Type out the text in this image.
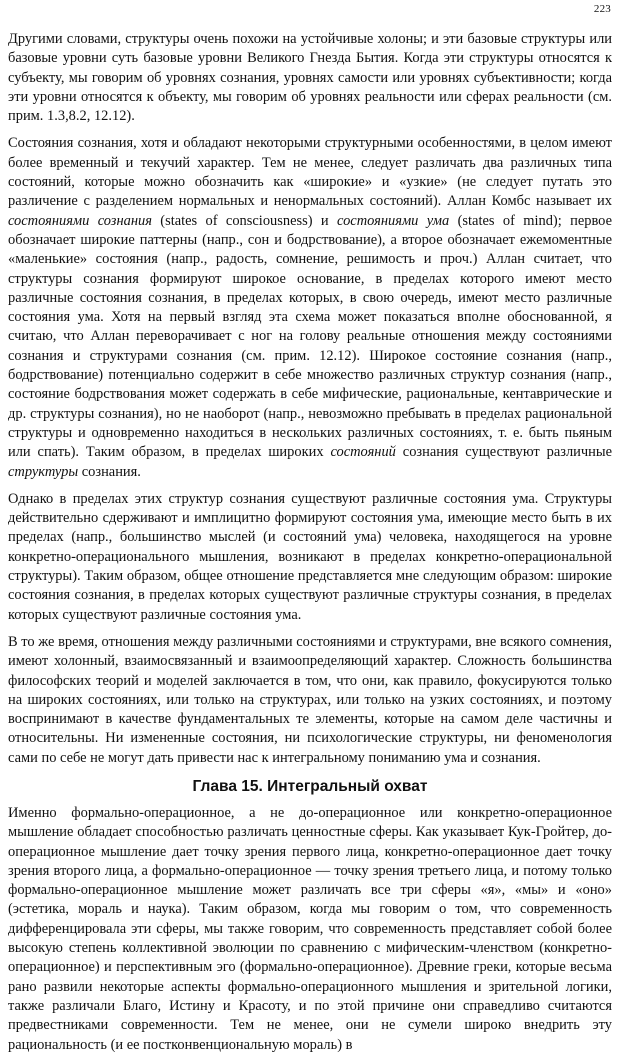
223

Другими словами, структуры очень похожи на устойчивые холоны; и эти базовые структуры или базовые уровни суть базовые уровни Великого Гнезда Бытия. Когда эти структуры относятся к субъекту, мы говорим об уровнях сознания, уровнях самости или уровнях субъективности; когда эти уровни относятся к объекту, мы говорим об уровнях реальности или сферах реальности (см. прим. 1.3,8.2, 12.12).

Состояния сознания, хотя и обладают некоторыми структурными особенностями, в целом имеют более временный и текучий характер. Тем не менее, следует различать два различных типа состояний, которые можно обозначить как «широкие» и «узкие» (не следует путать это различение с разделением нормальных и ненормальных состояний). Аллан Комбс называет их состояниями сознания (states of consciousness) и состояниями ума (states of mind); первое обозначает широкие паттерны (напр., сон и бодрствование), а второе обозначает ежемоментные «маленькие» состояния (напр., радость, сомнение, решимость и проч.) Аллан считает, что структуры сознания формируют широкое основание, в пределах которого имеют место различные состояния сознания, в пределах которых, в свою очередь, имеют место различные состояния ума. Хотя на первый взгляд эта схема может показаться вполне обоснованной, я считаю, что Аллан переворачивает с ног на голову реальные отношения между состояниями сознания и структурами сознания (см. прим. 12.12). Широкое состояние сознания (напр., бодрствование) потенциально содержит в себе множество различных структур сознания (напр., состояние бодрствования может содержать в себе мифические, рациональные, кентаврические и др. структуры сознания), но не наоборот (напр., невозможно пребывать в пределах рациональной структуры и одновременно находиться в нескольких различных состояниях, т. е. быть пьяным или спать). Таким образом, в пределах широких состояний сознания существуют различные структуры сознания.

Однако в пределах этих структур сознания существуют различные состояния ума. Структуры действительно сдерживают и имплицитно формируют состояния ума, имеющие место быть в их пределах (напр., большинство мыслей (и состояний ума) человека, находящегося на уровне конкретно-операционального мышления, возникают в пределах конкретно-операциональной структуры). Таким образом, общее отношение представляется мне следующим образом: широкие состояния сознания, в пределах которых существуют различные структуры сознания, в пределах которых существуют различные состояния ума.

В то же время, отношения между различными состояниями и структурами, вне всякого сомнения, имеют холонный, взаимосвязанный и взаимоопределяющий характер. Сложность большинства философских теорий и моделей заключается в том, что они, как правило, фокусируются только на широких состояниях, или только на структурах, или только на узких состояниях, и поэтому воспринимают в качестве фундаментальных те элементы, которые на самом деле частичны и относительны. Ни измененные состояния, ни психологические структуры, ни феноменология сами по себе не могут дать привести нас к интегральному пониманию ума и сознания.

Глава 15. Интегральный охват

Именно формально-операционное, а не до-операционное или конкретно-операционное мышление обладает способностью различать ценностные сферы. Как указывает Кук-Гройтер, до-операционное мышление дает точку зрения первого лица, конкретно-операционное дает точку зрения второго лица, а формально-операционное — точку зрения третьего лица, и потому только формально-операционное мышление может различать все три сферы «я», «мы» и «оно» (эстетика, мораль и наука). Таким образом, когда мы говорим о том, что современность дифференцировала эти сферы, мы также говорим, что современность представляет собой более высокую степень коллективной эволюции по сравнению с мифическим-членством (конкретно-операционное) и перспективным эго (формально-операционное). Древние греки, которые весьма рано развили некоторые аспекты формально-операционного мышления и зрительной логики, также различали Благо, Истину и Красоту, и по этой причине они справедливо считаются предвестниками современности. Тем не менее, они не сумели широко внедрить эту рациональность (и ее постконвенциональную мораль) в
